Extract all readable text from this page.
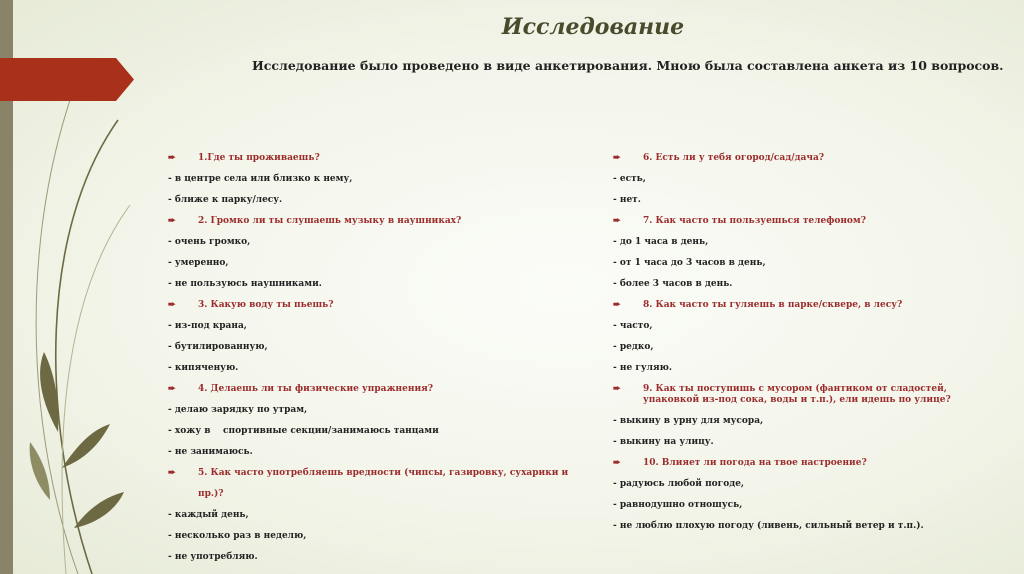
Исследование
Исследование было проведено в виде анкетирования. Мною была составлена анкета из 10 вопросов.
➨ 1.Где ты проживаешь?
- в центре села или близко к нему,
- ближе к парку/лесу.
➨ 2. Громко ли ты слушаешь музыку в наушниках?
- очень громко,
- умеренно,
- не пользуюсь наушниками.
➨ 3. Какую воду ты пьешь?
- из-под крана,
- бутилированную,
- кипяченую.
➨ 4. Делаешь ли ты физические упражнения?
- делаю зарядку по утрам,
- хожу в    спортивные секции/занимаюсь танцами
- не занимаюсь.
➨ 5. Как часто употребляешь вредности (чипсы, газировку, сухарики и пр.)?
- каждый день,
- несколько раз в неделю,
- не употребляю.
➨ 6. Есть ли у тебя огород/сад/дача?
- есть,
- нет.
➨ 7. Как часто ты пользуешься телефоном?
- до 1 часа в день,
- от 1 часа до 3 часов в день,
- более 3 часов в день.
➨ 8. Как часто ты гуляешь в парке/сквере, в лесу?
- часто,
- редко,
- не гуляю.
➨ 9. Как ты поступишь с мусором (фантиком от сладостей, упаковкой из-под сока, воды и т.п.), ели идешь по улице?
- выкину в урну для мусора,
- выкину на улицу.
➨ 10. Влияет ли погода на твое настроение?
- радуюсь любой погоде,
- равнодушно отношусь,
- не люблю плохую погоду (ливень, сильный ветер и т.п.).
